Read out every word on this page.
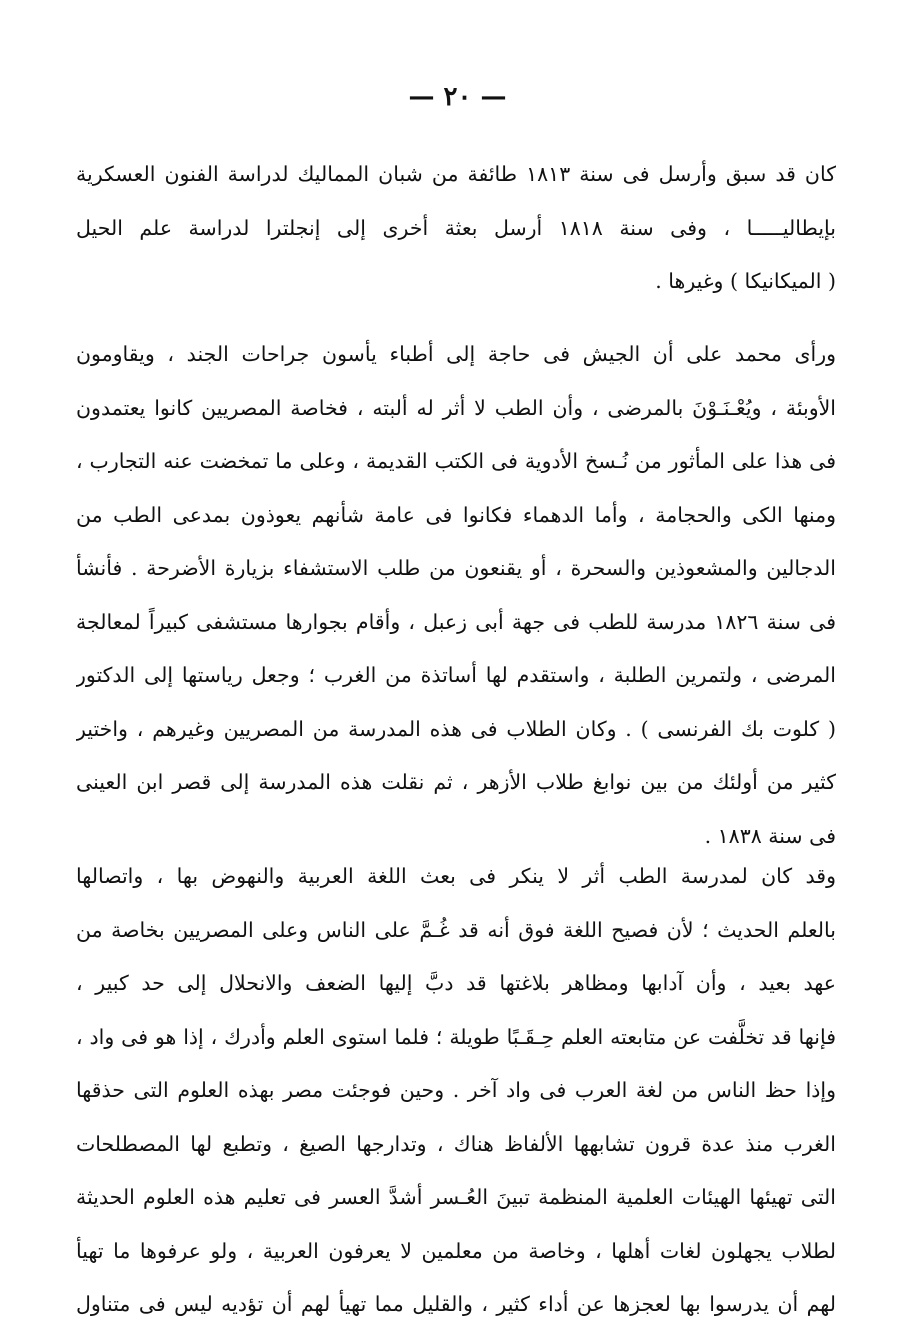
— ٢٠ —
كان قد سبق وأرسل فى سنة ١٨١٣ طائفة من شبان المماليك لدراسة الفنون العسكرية
بإيطاليـــــا ، وفى سنة ١٨١٨ أرسل بعثة أخرى إلى إنجلترا لدراسة علم الحيل
( الميكانيكا ) وغيرها .
ورأى محمد على أن الجيش فى حاجة إلى أطباء يأسون جراحات الجند ، ويقاومون
الأوبئة ، ويُعْـنَـوْنَ بالمرضى ، وأن الطب لا أثر له ألبته ، فخاصة المصريين كانوا يعتمدون
فى هذا على المأثور من نُـسخ الأدوية فى الكتب القديمة ، وعلى ما تمخضت عنه التجارب ،
ومنها الكى والحجامة ، وأما الدهماء فكانوا فى عامة شأنهم يعوذون بمدعى الطب من
الدجالين والمشعوذين والسحرة ، أو يقنعون من طلب الاستشفاء بزيارة الأضرحة . فأنشأ
فى سنة ١٨٢٦ مدرسة للطب فى جهة أبى زعبل ، وأقام بجوارها مستشفى كبيراً لمعالجة
المرضى ، ولتمرين الطلبة ، واستقدم لها أساتذة من الغرب ؛ وجعل رياستها إلى الدكتور
( كلوت بك الفرنسى ) . وكان الطلاب فى هذه المدرسة من المصريين وغيرهم ، واختير
كثير من أولئك من بين نوابغ طلاب الأزهر ، ثم نقلت هذه المدرسة إلى قصر ابن العينى
فى سنة ١٨٣٨ .
وقد كان لمدرسة الطب أثر لا ينكر فى بعث اللغة العربية والنهوض بها ، واتصالها
بالعلم الحديث ؛ لأن فصيح اللغة فوق أنه قد غُـمَّ على الناس وعلى المصريين بخاصة من
عهد بعيد ، وأن آدابها ومظاهر بلاغتها قد دبَّ إليها الضعف والانحلال إلى حد كبير ،
فإنها قد تخلَّفت عن متابعته العلم حِـقَـبًا طويلة ؛ فلما استوى العلم وأدرك ، إذا هو فى واد ،
وإذا حظ الناس من لغة العرب فى واد آخر . وحين فوجئت مصر بهذه العلوم التى حذقها
الغرب منذ عدة قرون تشابهها الألفاظ هناك ، وتدارجها الصيغ ، وتطبع لها المصطلحات
التى تهيئها الهيئات العلمية المنظمة تبينَ العُـسر أشدَّ العسر فى تعليم هذه العلوم الحديثة
لطلاب يجهلون لغات أهلها ، وخاصة من معلمين لا يعرفون العربية ، ولو عرفوها ما تهيأ
لهم أن يدرسوا بها لعجزها عن أداء كثير ، والقليل مما تهيأ لهم أن تؤديه ليس فى متناول
